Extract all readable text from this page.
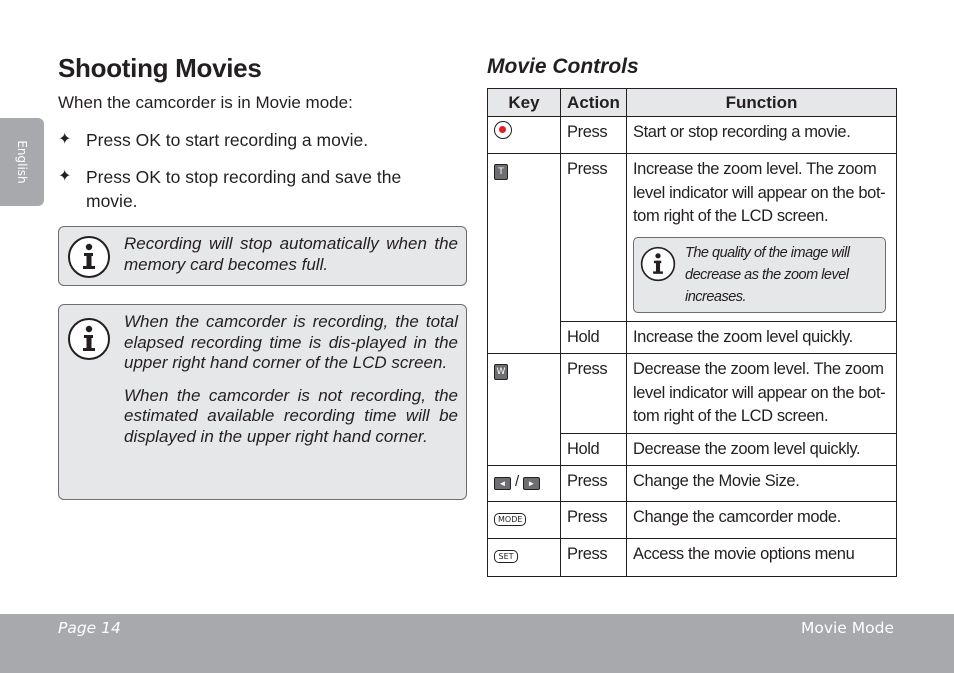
English
Shooting Movies

When the camcorder is in Movie mode:

✦ Press OK to start recording a movie.
✦ Press OK to stop recording and save the movie.

Recording will stop automatically when the memory card becomes full.

When the camcorder is recording, the total elapsed recording time is dis-played in the upper right hand corner of the LCD screen.

When the camcorder is not recording, the estimated available recording time will be displayed in the upper right hand corner.

Movie Controls
Key	Action	Function
	Press	Start or stop recording a movie.
T	Press	Increase the zoom level. The zoom level indicator will appear on the bot-tom right of the LCD screen.
The quality of the image will decrease as the zoom level increases.

	Hold	Increase the zoom level quickly.
W	Press	Decrease the zoom level. The zoom level indicator will appear on the bot-tom right of the LCD screen.
	Hold	Decrease the zoom level quickly.
◄ / ►	Press	Change the Movie Size.
MODE	Press	Change the camcorder mode.
SET	Press	Access the movie options menu
Page 14	Movie Mode
